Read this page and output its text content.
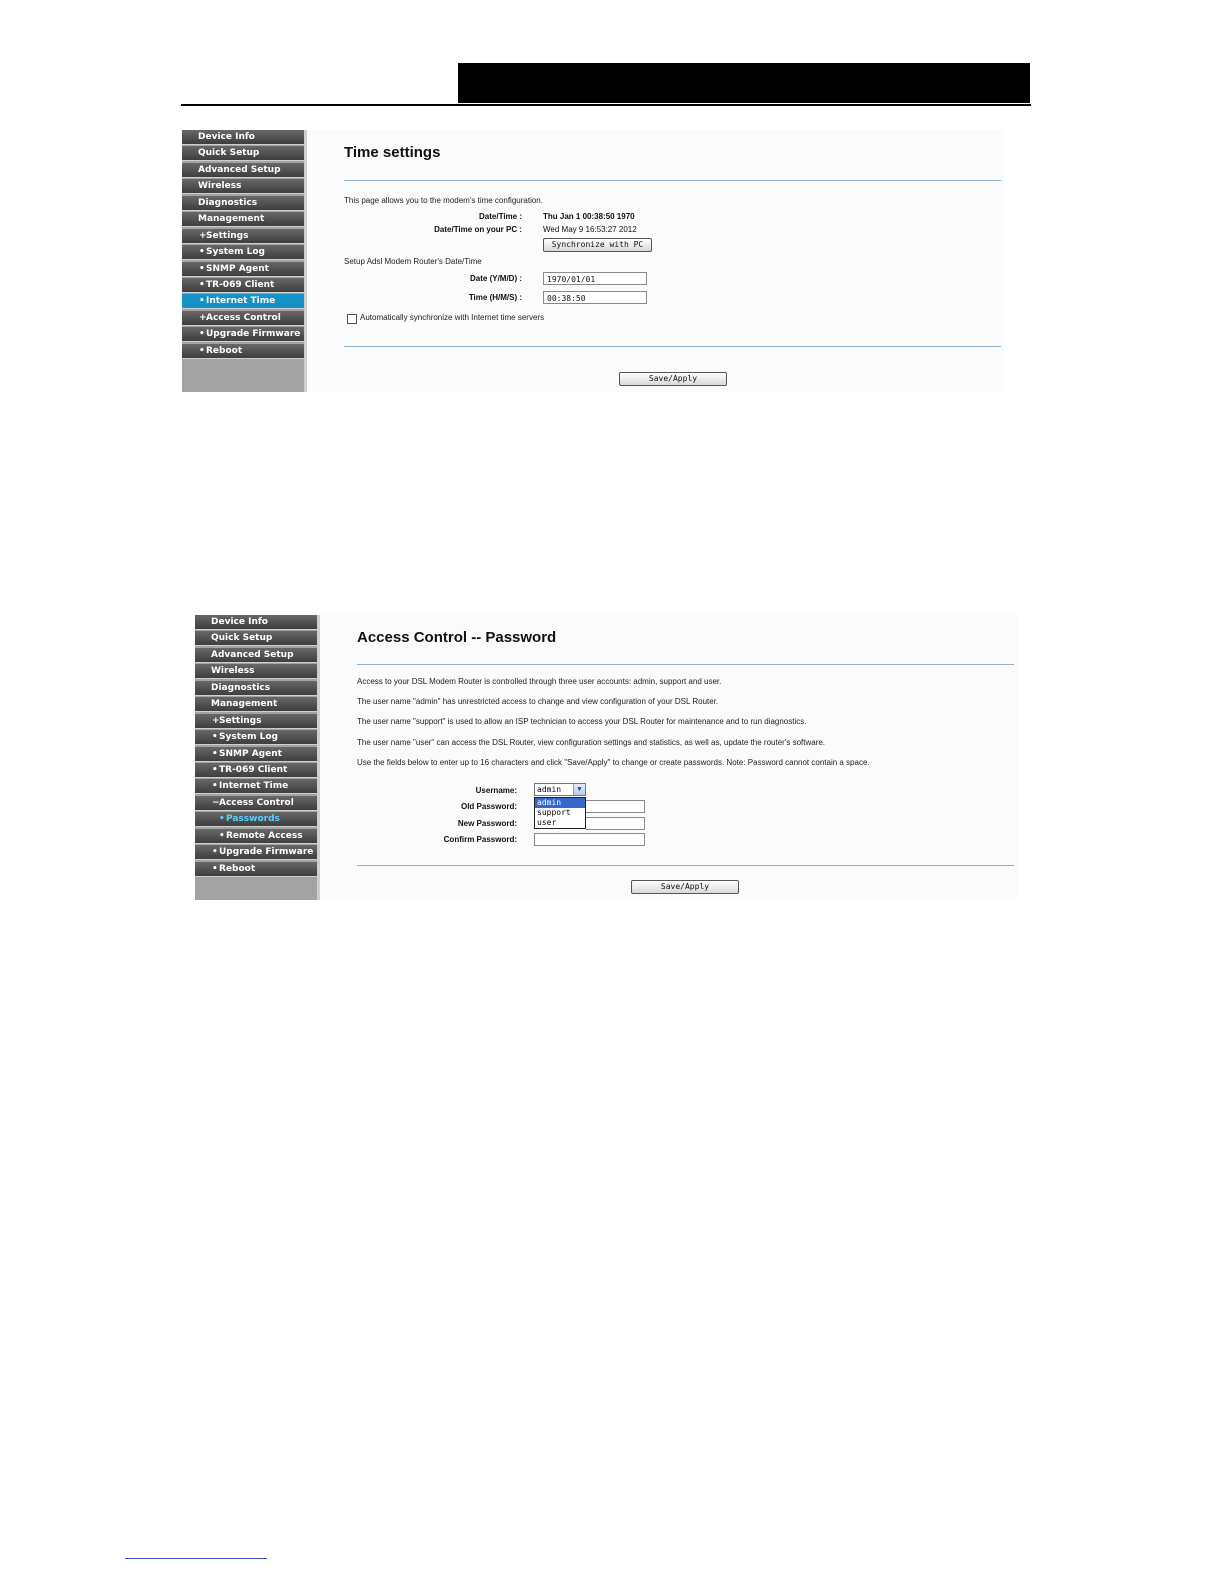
Device Info
Quick Setup
Advanced Setup
Wireless
Diagnostics
Management
+Settings
•System Log
•SNMP Agent
•TR-069 Client
•Internet Time
+Access Control
•Upgrade Firmware
•Reboot
Time settings
This page allows you to the modem's time configuration.
Date/Time :	Thu Jan 1 00:38:50 1970
Date/Time on your PC :	Wed May 9 16:53:27 2012
Synchronize with PC
Setup Adsl Modem Router's Date/Time
Date (Y/M/D) :	1970/01/01
Time (H/M/S) :	00:38:50
Automatically synchronize with Internet time servers
Save/Apply
Device Info
Quick Setup
Advanced Setup
Wireless
Diagnostics
Management
+Settings
•System Log
•SNMP Agent
•TR-069 Client
•Internet Time
−Access Control
•Passwords
•Remote Access
•Upgrade Firmware
•Reboot
Access Control -- Password
Access to your DSL Modem Router is controlled through three user accounts: admin, support and user.
The user name "admin" has unrestricted access to change and view configuration of your DSL Router.
The user name "support" is used to allow an ISP technician to access your DSL Router for maintenance and to run diagnostics.
The user name "user" can access the DSL Router, view configuration settings and statistics, as well as, update the router's software.
Use the fields below to enter up to 16 characters and click "Save/Apply" to change or create passwords. Note: Password cannot contain a space.
Username:	admin	▼
admin
support
user
Old Password:
New Password:
Confirm Password:
Save/Apply
